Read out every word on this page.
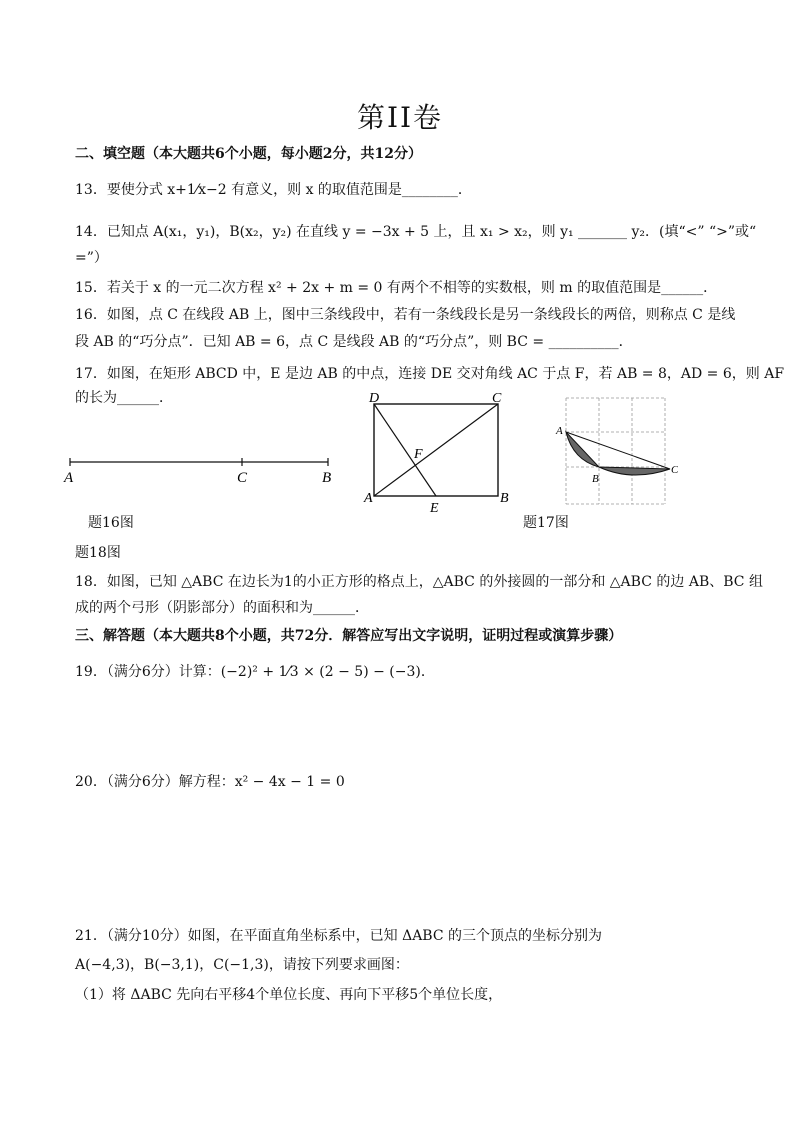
第II卷
二、填空题（本大题共6个小题，每小题2分，共12分）
13．要使分式 x+1⁄x−2 有意义，则 x 的取值范围是________．
14．已知点 A(x₁，y₁)，B(x₂，y₂) 在直线 y = −3x + 5 上，且 x₁ > x₂，则 y₁ _______ y₂．(填“<” “>”或“
=”）
15．若关于 x 的一元二次方程 x² + 2x + m = 0 有两个不相等的实数根，则 m 的取值范围是______．
16．如图，点 C 在线段 AB 上，图中三条线段中，若有一条线段长是另一条线段长的两倍，则称点 C 是线
段 AB 的“巧分点”．已知 AB = 6，点 C 是线段 AB 的“巧分点”，则 BC = __________．
17．如图，在矩形 ABCD 中，E 是边 AB 的中点，连接 DE 交对角线 AC 于点 F，若 AB = 8，AD = 6，则 AF
的长为______．
A	C	B
题16图
D	C
F
A
E
B
A
B
C
题17图
题18图
18．如图，已知 △ABC 在边长为1的小正方形的格点上，△ABC 的外接圆的一部分和 △ABC 的边 AB、BC 组
成的两个弓形（阴影部分）的面积和为______．
三、解答题（本大题共8个小题，共72分．解答应写出文字说明，证明过程或演算步骤）
19．（满分6分）计算：(−2)² + 1⁄3 × (2 − 5) − (−3)．
20．（满分6分）解方程：x² − 4x − 1 = 0
21．（满分10分）如图，在平面直角坐标系中，已知 ΔABC 的三个顶点的坐标分别为
A(−4,3)，B(−3,1)，C(−1,3)，请按下列要求画图：
（1）将 ΔABC 先向右平移4个单位长度、再向下平移5个单位长度，
